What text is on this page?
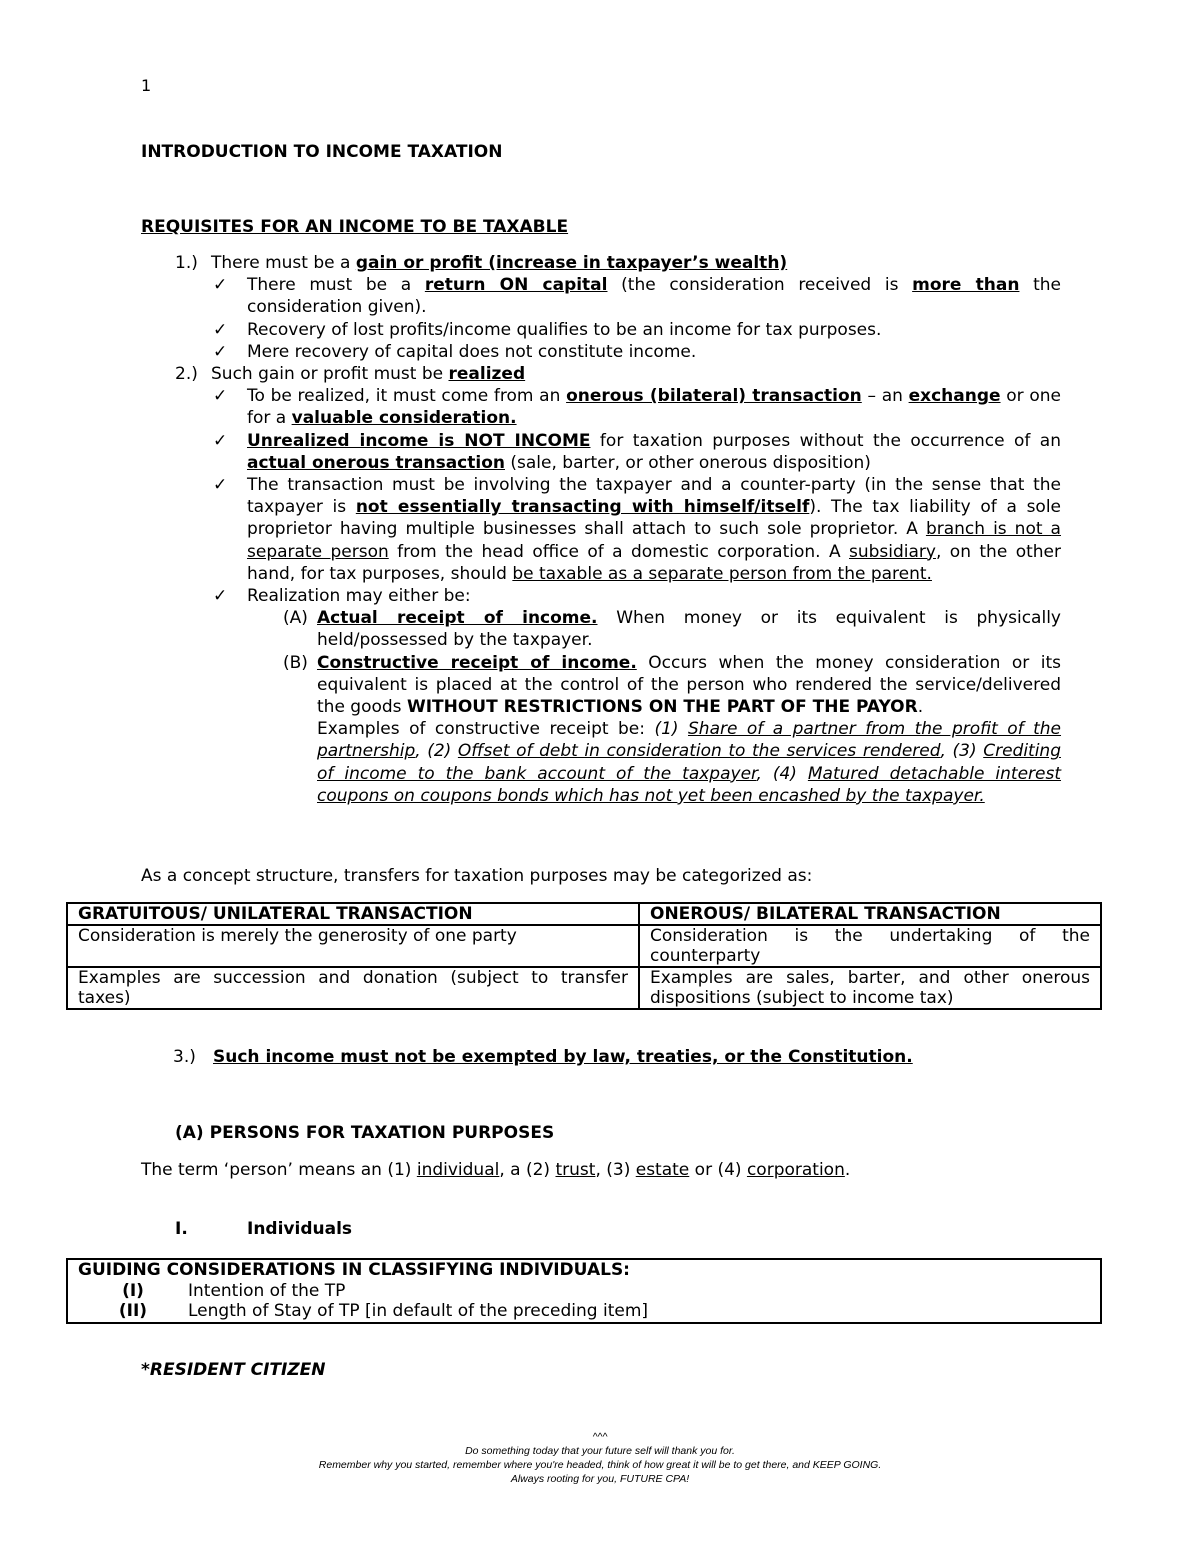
1
INTRODUCTION TO INCOME TAXATION
REQUISITES FOR AN INCOME TO BE TAXABLE
1.) There must be a gain or profit (increase in taxpayer’s wealth)
✓	There must be a return ON capital (the consideration received is more than the consideration given).
✓	Recovery of lost profits/income qualifies to be an income for tax purposes.
✓	Mere recovery of capital does not constitute income.
2.) Such gain or profit must be realized
✓	To be realized, it must come from an onerous (bilateral) transaction – an exchange or one for a valuable consideration.
✓	Unrealized income is NOT INCOME for taxation purposes without the occurrence of an actual onerous transaction (sale, barter, or other onerous disposition)
✓	The transaction must be involving the taxpayer and a counter-party (in the sense that the taxpayer is not essentially transacting with himself/itself). The tax liability of a sole proprietor having multiple businesses shall attach to such sole proprietor. A branch is not a separate person from the head office of a domestic corporation. A subsidiary, on the other hand, for tax purposes, should be taxable as a separate person from the parent.
✓	Realization may either be:
(A) Actual receipt of income. When money or its equivalent is physically held/possessed by the taxpayer.
(B) Constructive receipt of income. Occurs when the money consideration or its equivalent is placed at the control of the person who rendered the service/delivered the goods WITHOUT RESTRICTIONS ON THE PART OF THE PAYOR.
Examples of constructive receipt be: (1) Share of a partner from the profit of the partnership, (2) Offset of debt in consideration to the services rendered, (3) Crediting of income to the bank account of the taxpayer, (4) Matured detachable interest coupons on coupons bonds which has not yet been encashed by the taxpayer.
As a concept structure, transfers for taxation purposes may be categorized as:
GRATUITOUS/ UNILATERAL TRANSACTION	ONEROUS/ BILATERAL TRANSACTION
Consideration is merely the generosity of one party	Consideration is the undertaking of the counterparty
Examples are succession and donation (subject to transfer taxes)	Examples are sales, barter, and other onerous dispositions (subject to income tax)
3.) Such income must not be exempted by law, treaties, or the Constitution.
(A) PERSONS FOR TAXATION PURPOSES
The term ‘person’ means an (1) individual, a (2) trust, (3) estate or (4) corporation.
I.	Individuals
GUIDING CONSIDERATIONS IN CLASSIFYING INDIVIDUALS:
(I)	Intention of the TP
(II)	Length of Stay of TP [in default of the preceding item]
*RESIDENT CITIZEN
^^^
Do something today that your future self will thank you for.
Remember why you started, remember where you're headed, think of how great it will be to get there, and KEEP GOING.
Always rooting for you, FUTURE CPA!
